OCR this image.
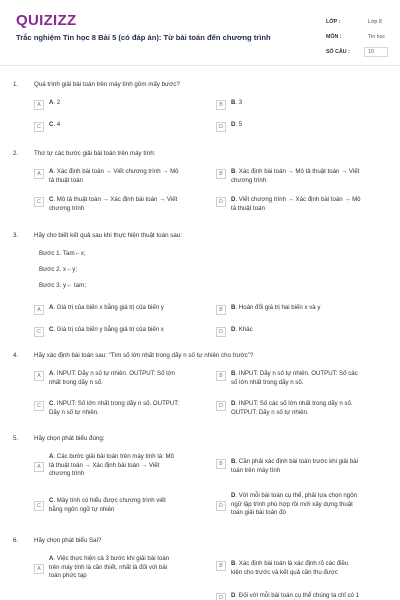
QUIZIZZ
Trắc nghiệm Tin học 8 Bài 5 (có đáp án): Từ bài toán đến chương trình
LỚP :	Lớp 8
MÔN :	Tin học
SỐ CÂU :	10
1.	Quá trình giải bài toán trên máy tính gồm mấy bước?
A	A. 2	B	B. 3
C	C. 4	D	D. 5
2.	Thứ tự các bước giải bài toán trên máy tính:
A	A. Xác định bài toán → Viết chương trình → Mô tả thuật toán
B	B. Xác định bài toán → Mô tả thuật toán → Viết chương trình
C	C. Mô tả thuật toán → Xác định bài toán → Viết chương trình
D	D. Viết chương trình → Xác định bài toán → Mô tả thuật toán
3.	Hãy cho biết kết quả sau khi thực hiện thuật toán sau:
Bước 1. Tam←x;
Bước 2. x←y;
Bước 3. y← tam;
A	A. Giá trị của biến x bằng giá trị của biến y	B	B. Hoán đổi giá trị hai biến x và y
C	C. Giá trị của biến y bằng giá trị của biến x	D	D. Khác
4.	Hãy xác định bài toán sau: “Tìm số lớn nhất trong dãy n số tự nhiên cho trước”?
A	A. INPUT: Dãy n số tự nhiên. OUTPUT: Số lớn nhất trong dãy n số.
B	B. INPUT: Dãy n số tự nhiên. OUTPUT: Số các số lớn nhất trong dãy n số.
C	C. INPUT: Số lớn nhất trong dãy n số. OUTPUT: Dãy n số tự nhiên.
D	D. INPUT: Số các số lớn nhất trong dãy n số. OUTPUT: Dãy n số tự nhiên.
5.	Hãy chọn phát biểu đúng:
A
A. Các bước giải bài toán trên máy tính là: Mô tả thuật toán → Xác định bài toán → Viết chương trình
B	B. Cần phải xác định bài toán trước khi giải bài toán trên máy tính
C
C. Máy tính có hiểu được chương trình viết bằng ngôn ngữ tự nhiên	D
D. Với mỗi bài toán cụ thể, phải lựa chọn ngôn ngữ lập trình phù hợp rồi mới xây dựng thuật toán giải bài toán đó
6.	Hãy chọn phát biểu Sai?
A
A. Việc thực hiện cả 3 bước khi giải bài toán trên máy tính là cần thiết, nhất là đối với bài toán phức tạp
B	B. Xác định bài toán là xác định rõ các điều kiện cho trước và kết quả cần thu được
D	D. Đối với mỗi bài toán cụ thể chúng ta chỉ có 1
